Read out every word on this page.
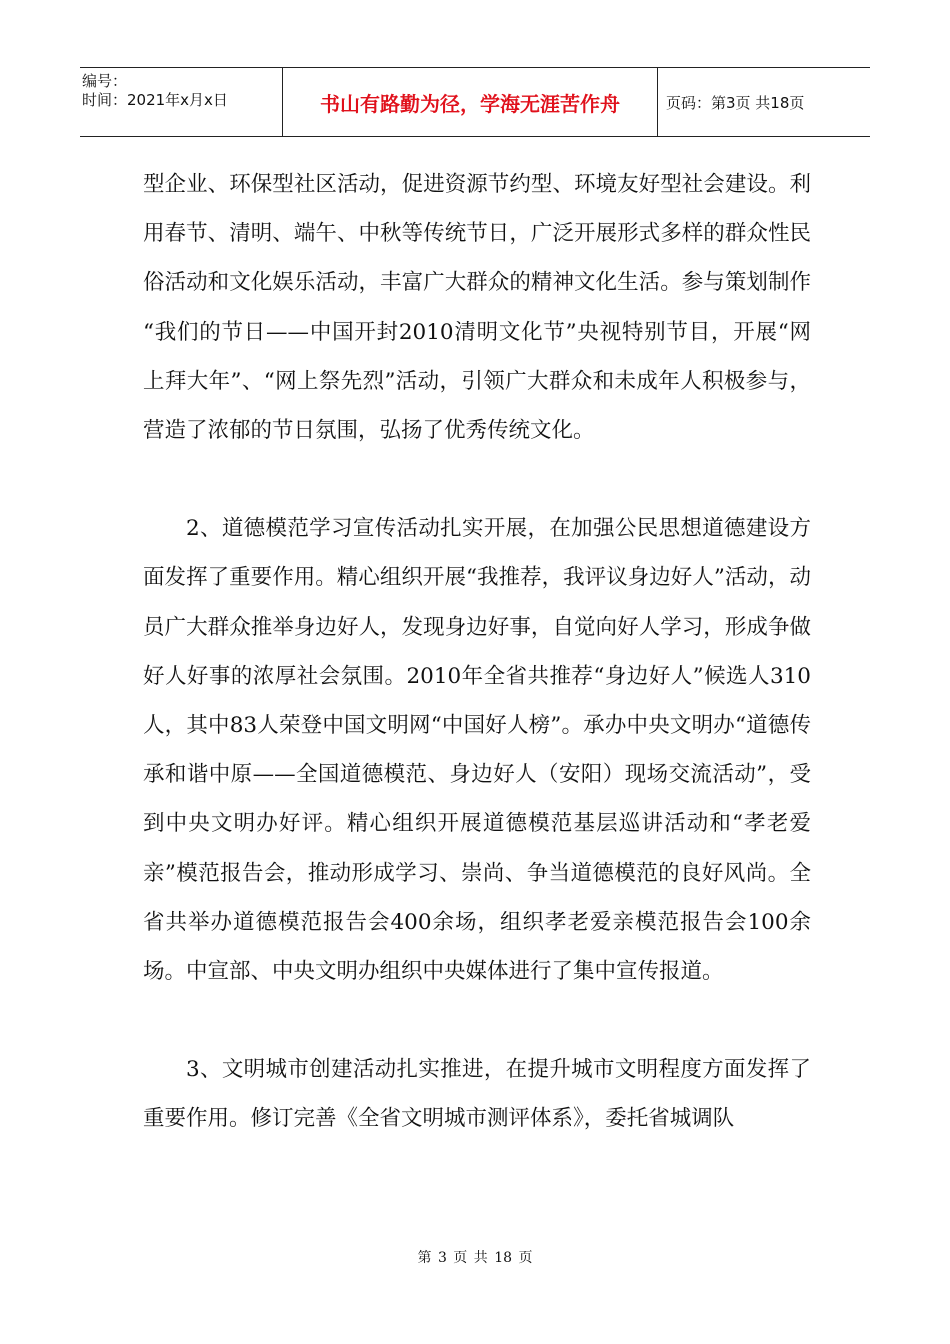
编号：
时间：2021年x月x日	书山有路勤为径，学海无涯苦作舟	页码：第3页 共18页

型企业、环保型社区活动，促进资源节约型、环境友好型社会建设。利用春节、清明、端午、中秋等传统节日，广泛开展形式多样的群众性民俗活动和文化娱乐活动，丰富广大群众的精神文化生活。参与策划制作 “我们的节日——中国开封2010清明文化节”央视特别节目，开展“网上拜大年”、“网上祭先烈”活动，引领广大群众和未成年人积极参与，营造了浓郁的节日氛围，弘扬了优秀传统文化。

2、道德模范学习宣传活动扎实开展，在加强公民思想道德建设方面发挥了重要作用。精心组织开展“我推荐，我评议身边好人”活动，动员广大群众推举身边好人，发现身边好事，自觉向好人学习，形成争做好人好事的浓厚社会氛围。2010年全省共推荐“身边好人”候选人310 人，其中83人荣登中国文明网“中国好人榜”。承办中央文明办“道德传承和谐中原——全国道德模范、身边好人（安阳）现场交流活动”，受到中央文明办好评。精心组织开展道德模范基层巡讲活动和“孝老爱亲”模范报告会，推动形成学习、崇尚、争当道德模范的良好风尚。全省共举办道德模范报告会400余场，组织孝老爱亲模范报告会100余场。中宣部、中央文明办组织中央媒体进行了集中宣传报道。

3、文明城市创建活动扎实推进，在提升城市文明程度方面发挥了重要作用。修订完善《全省文明城市测评体系》，委托省城调队

第 3 页 共 18 页
